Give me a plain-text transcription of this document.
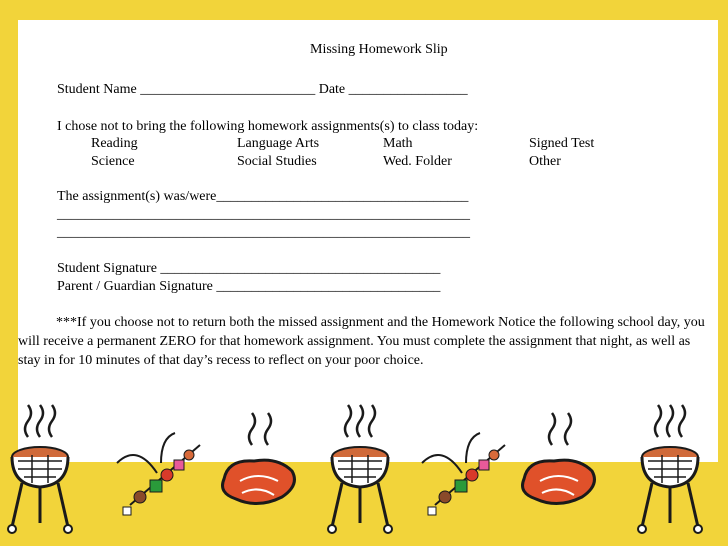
Missing Homework Slip
Student Name _________________________ Date _________________
I chose not to bring the following homework assignments(s) to class today:
Reading	Language Arts	Math	Signed Test
Science	Social Studies	Wed. Folder	Other
The assignment(s) was/were____________________________________
___________________________________________________________
___________________________________________________________
Student Signature ________________________________________
Parent / Guardian Signature ________________________________
***If you choose not to return both the missed assignment and the Homework Notice the following school day, you will receive a permanent ZERO for that homework assignment. You must complete the assignment that night, as well as stay in for 10 minutes of that day’s recess to reflect on your poor choice.
